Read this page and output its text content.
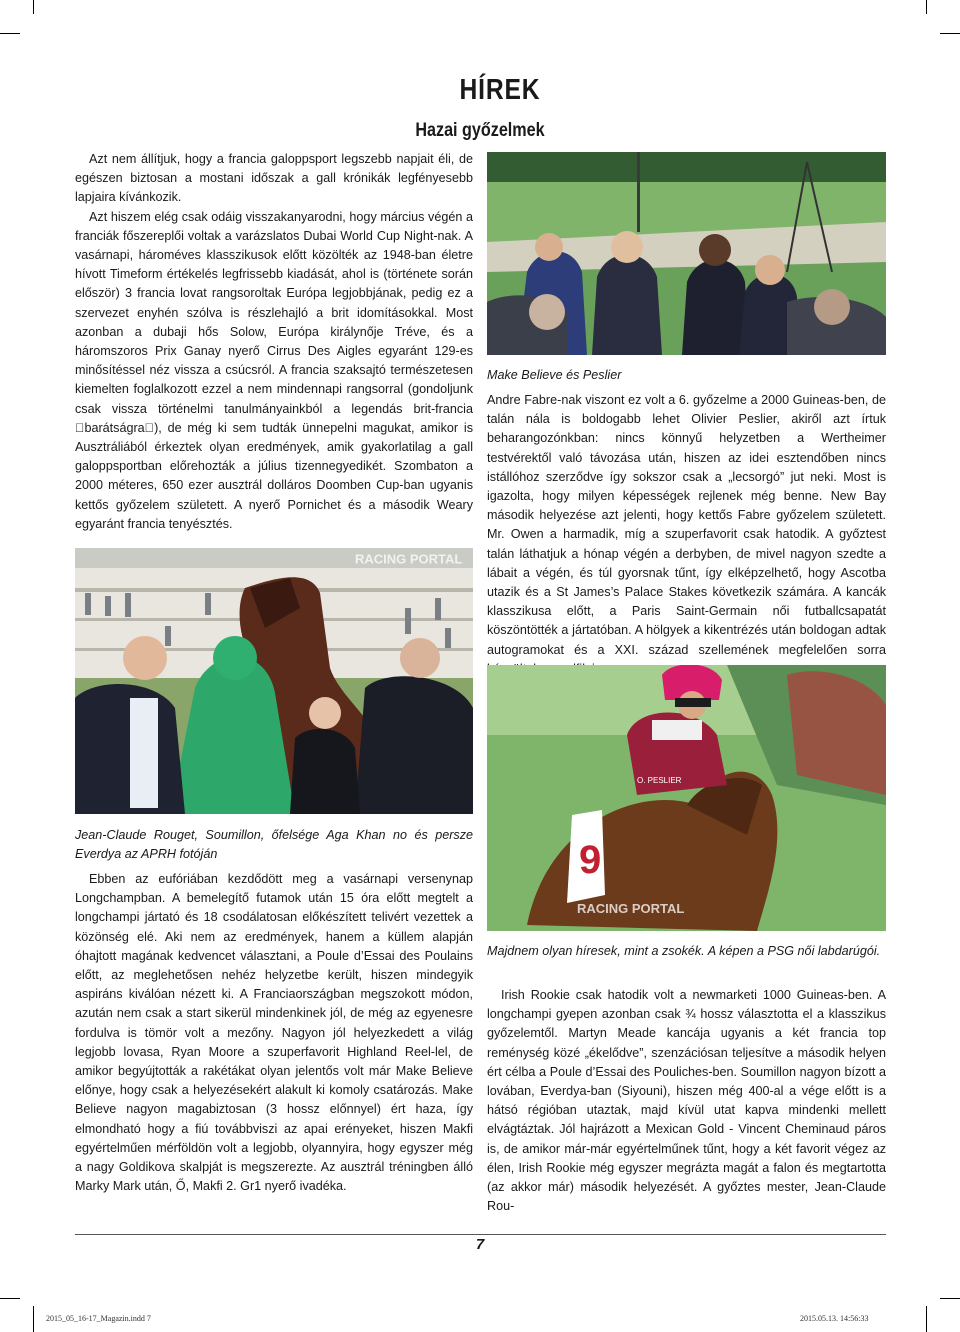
HÍREK
Hazai győzelmek

Azt nem állítjuk, hogy a francia galoppsport legszebb napjait éli, de egészen biztosan a mostani időszak a gall krónikák legfényesebb lapjaira kívánkozik.

Azt hiszem elég csak odáig visszakanyarodni, hogy március végén a franciák főszereplői voltak a varázslatos Dubai World Cup Night-nak. A vasárnapi, hároméves klasszikusok előtt közölték az 1948-ban életre hívott Timeform értékelés legfrissebb kiadását, ahol is (története során először) 3 francia lovat rangsoroltak Európa legjobbjának, pedig ez a szervezet enyhén szólva is részlehajló a brit idomításokkal. Most azonban a dubaji hős Solow, Európa királynője Tréve, és a háromszoros Prix Ganay nyerő Cirrus Des Aigles egyaránt 129-es minősítéssel néz vissza a csúcsról. A francia szaksajtó természetesen kiemelten foglalkozott ezzel a nem mindennapi rangsorral (gondoljunk csak vissza történelmi tanulmányainkból a legendás brit-francia  barátságra ), de még ki sem tudták ünnepelni magukat, amikor is Ausztráliából érkeztek olyan eredmények, amik gyakorlatilag a gall galoppsportban előrehozták a július tizennegyedikét. Szombaton a 2000 méteres, 650 ezer ausztrál dolláros Doomben Cup-ban ugyanis kettős győzelem született. A nyerő Pornichet és a második Weary egyaránt francia tenyésztés.

RACING PORTAL

Jean-Claude Rouget, Soumillon, őfelsége Aga Khan no és persze Everdya az APRH fotóján

Ebben az eufóriában kezdődött meg a vasárnapi versenynap Longchampban. A bemelegítő futamok után 15 óra előtt megtelt a longchampi jártató és 18 csodálatosan előkészített telivért vezettek a közönség elé. Aki nem az eredmények, hanem a küllem alapján óhajtott magának kedvencet választani, a Poule d’Essai des Poulains előtt, az meglehetősen nehéz helyzetbe került, hiszen mindegyik aspiráns kiválóan nézett ki. A Franciaországban megszokott módon, azután nem csak a start sikerül mindenkinek jól, de még az egyenesre fordulva is tömör volt a mezőny. Nagyon jól helyezkedett a világ legjobb lovasa, Ryan Moore a szuperfavorit Highland Reel-lel, de amikor begyújtották a rakétákat olyan jelentős volt már Make Believe előnye, hogy csak a helyezésekért alakult ki komoly csatározás. Make Believe nagyon magabiztosan (3 hossz előnnyel) ért haza, így elmondható hogy a fiú továbbviszi az apai erényeket, hiszen Makfi egyértelműen mérföldön volt a legjobb, olyannyira, hogy egyszer még a nagy Goldikova skalpját is megszerezte. Az ausztrál tréningben álló Marky Mark után, Ő, Makfi 2. Gr1 nyerő ivadéka.

Make Believe és Peslier

Andre Fabre-nak viszont ez volt a 6. győzelme a 2000 Guineas-ben, de talán nála is boldogabb lehet Olivier Peslier, akiről azt írtuk beharangozónkban: nincs könnyű helyzetben a Wertheimer testvérektől való távozása után, hiszen az idei esztendőben nincs istállóhoz szerződve így sokszor csak a „lecsorgó” jut neki. Most is igazolta, hogy milyen képességek rejlenek még benne. New Bay második helyezése azt jelenti, hogy kettős Fabre győzelem született. Mr. Owen a harmadik, míg a szuperfavorit csak hatodik. A győztest talán láthatjuk a hónap végén a derbyben, de mivel nagyon szedte a lábait a végén, és túl gyorsnak tűnt, így elképzelhető, hogy Ascotba utazik és a St James’s Palace Stakes következik számára. A kancák klasszikusa előtt, a Paris Saint-Germain női futballcsapatát köszöntötték a jártatóban. A hölgyek a kikentrézés után boldogan adtak autogramokat és a XXI. század szellemének megfelelően sorra

9
O. PESLIER
RACING PORTAL

Majdnem olyan híresek, mint a zsokék. A képen a PSG női labdarúgói.

Irish Rookie csak hatodik volt a newmarketi 1000 Guineas-ben. A longchampi gyepen azonban csak ¾ hossz választotta el a klasszikus győzelemtől. Martyn Meade kancája ugyanis a két francia top reménység közé „ékelődve”, szenzációsan teljesítve a második helyen ért célba a Poule d’Essai des Pouliches-ben. Soumillon nagyon bízott a lovában, Everdya-ban (Siyouni), hiszen még 400-al a vége előtt is a hátsó régióban utaztak, majd kívül utat kapva mindenki mellett elvágtáztak. Jól hajrázott a Mexican Gold - Vincent Cheminaud páros is, de amikor már-már egyértelműnek tűnt, hogy a két favorit végez az élen, Irish Rookie még egyszer megrázta magát a falon és megtartotta (az akkor már) második helyezését. A győztes mester, Jean-Claude Rou-

7
2015_05_16-17_Magazin.indd 7	2015.05.13. 14:56:33
